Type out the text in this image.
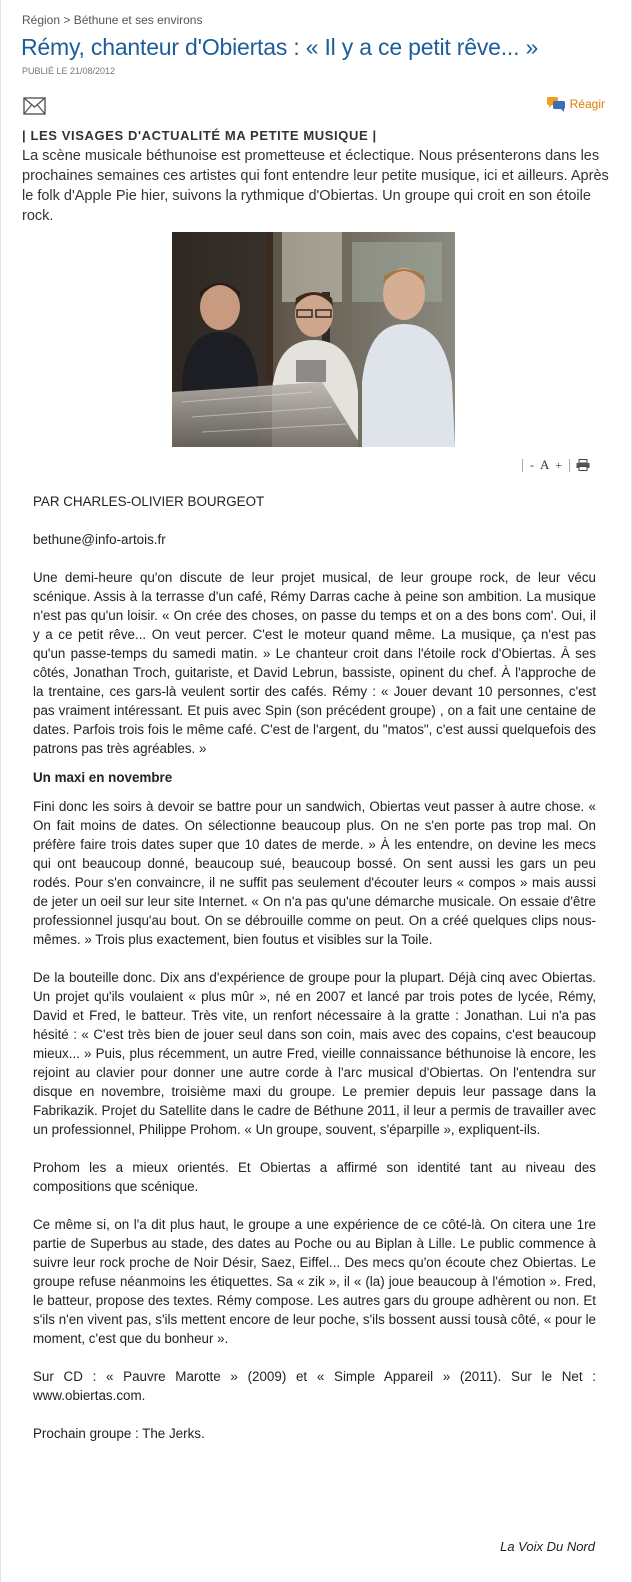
Région > Béthune et ses environs
Rémy, chanteur d'Obiertas : « Il y a ce petit rêve... »
PUBLIÉ LE 21/08/2012
Réagir
| LES VISAGES D'ACTUALITÉ MA PETITE MUSIQUE |

La scène musicale béthunoise est prometteuse et éclectique. Nous présenterons dans les prochaines semaines ces artistes qui font entendre leur petite musique, ici et ailleurs. Après le folk d'Apple Pie hier, suivons la rythmique d'Obiertas. Un groupe qui croit en son étoile rock.

- A +

PAR CHARLES-OLIVIER BOURGEOT

bethune@info-artois.fr

Une demi-heure qu'on discute de leur projet musical, de leur groupe rock, de leur vécu scénique. Assis à la terrasse d'un café, Rémy Darras cache à peine son ambition. La musique n'est pas qu'un loisir. « On crée des choses, on passe du temps et on a des bons com'. Oui, il y a ce petit rêve... On veut percer. C'est le moteur quand même. La musique, ça n'est pas qu'un passe-temps du samedi matin. » Le chanteur croit dans l'étoile rock d'Obiertas. À ses côtés, Jonathan Troch, guitariste, et David Lebrun, bassiste, opinent du chef. À l'approche de la trentaine, ces gars-là veulent sortir des cafés. Rémy : « Jouer devant 10 personnes, c'est pas vraiment intéressant. Et puis avec Spin (son précédent groupe) , on a fait une centaine de dates. Parfois trois fois le même café. C'est de l'argent, du "matos", c'est aussi quelquefois des patrons pas très agréables. »

Un maxi en novembre

Fini donc les soirs à devoir se battre pour un sandwich, Obiertas veut passer à autre chose. « On fait moins de dates. On sélectionne beaucoup plus. On ne s'en porte pas trop mal. On préfère faire trois dates super que 10 dates de merde. » À les entendre, on devine les mecs qui ont beaucoup donné, beaucoup sué, beaucoup bossé. On sent aussi les gars un peu rodés. Pour s'en convaincre, il ne suffit pas seulement d'écouter leurs « compos » mais aussi de jeter un oeil sur leur site Internet. « On n'a pas qu'une démarche musicale. On essaie d'être professionnel jusqu'au bout. On se débrouille comme on peut. On a créé quelques clips nous-mêmes. » Trois plus exactement, bien foutus et visibles sur la Toile.

De la bouteille donc. Dix ans d'expérience de groupe pour la plupart. Déjà cinq avec Obiertas. Un projet qu'ils voulaient « plus mûr », né en 2007 et lancé par trois potes de lycée, Rémy, David et Fred, le batteur. Très vite, un renfort nécessaire à la gratte : Jonathan. Lui n'a pas hésité : « C'est très bien de jouer seul dans son coin, mais avec des copains, c'est beaucoup mieux... » Puis, plus récemment, un autre Fred, vieille connaissance béthunoise là encore, les rejoint au clavier pour donner une autre corde à l'arc musical d'Obiertas. On l'entendra sur disque en novembre, troisième maxi du groupe. Le premier depuis leur passage dans la Fabrikazik. Projet du Satellite dans le cadre de Béthune 2011, il leur a permis de travailler avec un professionnel, Philippe Prohom. « Un groupe, souvent, s'éparpille », expliquent-ils.

Prohom les a mieux orientés. Et Obiertas a affirmé son identité tant au niveau des compositions que scénique.

Ce même si, on l'a dit plus haut, le groupe a une expérience de ce côté-là. On citera une 1re partie de Superbus au stade, des dates au Poche ou au Biplan à Lille. Le public commence à suivre leur rock proche de Noir Désir, Saez, Eiffel... Des mecs qu'on écoute chez Obiertas. Le groupe refuse néanmoins les étiquettes. Sa « zik », il « (la) joue beaucoup à l'émotion ». Fred, le batteur, propose des textes. Rémy compose. Les autres gars du groupe adhèrent ou non. Et s'ils n'en vivent pas, s'ils mettent encore de leur poche, s'ils bossent aussi tousà côté, « pour le moment, c'est que du bonheur ».

Sur CD : « Pauvre Marotte » (2009) et « Simple Appareil » (2011). Sur le Net : www.obiertas.com.

Prochain groupe : The Jerks.

La Voix Du Nord
